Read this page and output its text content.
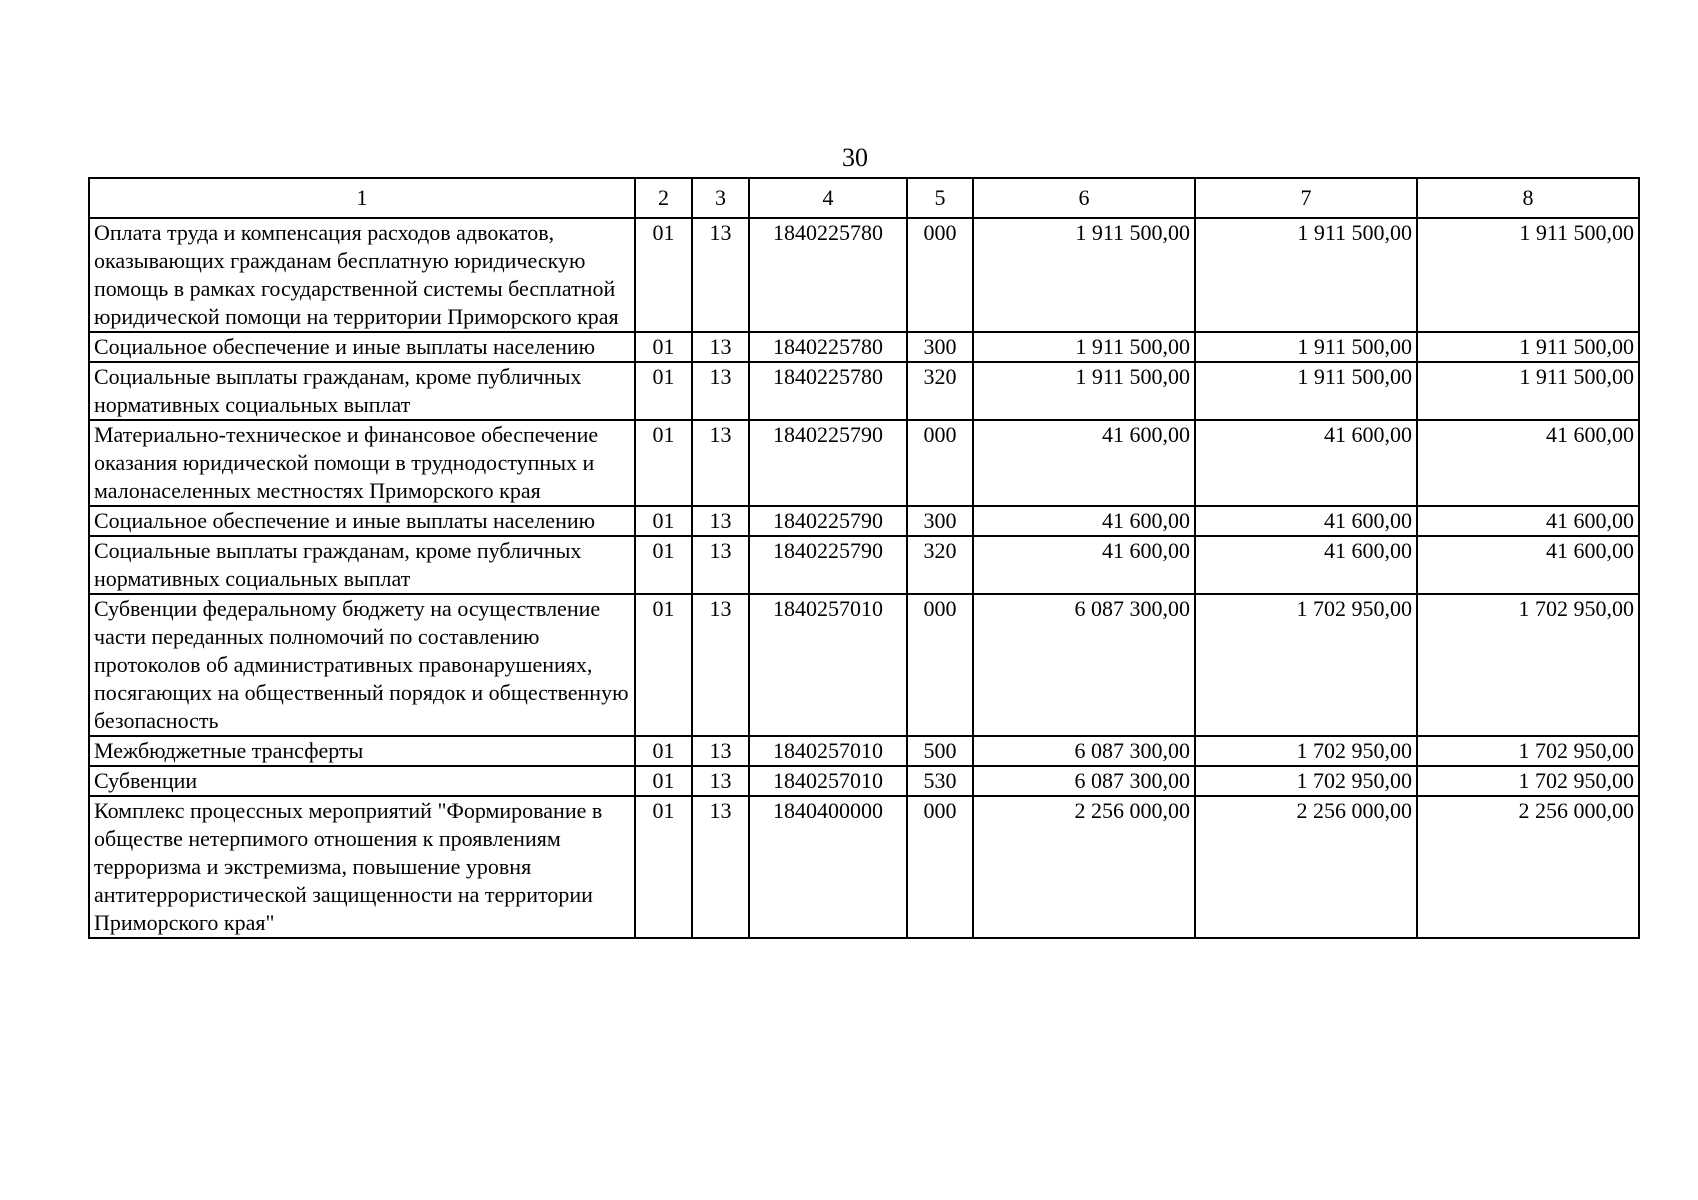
30
1	2	3	4	5	6	7	8
Оплата труда и компенсация расходов адвокатов, оказывающих гражданам бесплатную юридическую помощь в рамках государственной системы бесплатной юридической помощи на территории Приморского края	01	13	1840225780	000	1 911 500,00	1 911 500,00	1 911 500,00
Социальное обеспечение и иные выплаты населению	01	13	1840225780	300	1 911 500,00	1 911 500,00	1 911 500,00
Социальные выплаты гражданам, кроме публичных нормативных социальных выплат	01	13	1840225780	320	1 911 500,00	1 911 500,00	1 911 500,00
Материально-техническое и финансовое обеспечение оказания юридической помощи в труднодоступных и малонаселенных местностях Приморского края	01	13	1840225790	000	41 600,00	41 600,00	41 600,00
Социальное обеспечение и иные выплаты населению	01	13	1840225790	300	41 600,00	41 600,00	41 600,00
Социальные выплаты гражданам, кроме публичных нормативных социальных выплат	01	13	1840225790	320	41 600,00	41 600,00	41 600,00
Субвенции федеральному бюджету на осуществление части переданных полномочий по составлению протоколов об административных правонарушениях, посягающих на общественный порядок и общественную безопасность	01	13	1840257010	000	6 087 300,00	1 702 950,00	1 702 950,00
Межбюджетные трансферты	01	13	1840257010	500	6 087 300,00	1 702 950,00	1 702 950,00
Субвенции	01	13	1840257010	530	6 087 300,00	1 702 950,00	1 702 950,00
Комплекс процессных мероприятий "Формирование в обществе нетерпимого отношения к проявлениям терроризма и экстремизма, повышение уровня антитеррористической защищенности на территории Приморского края"	01	13	1840400000	000	2 256 000,00	2 256 000,00	2 256 000,00
